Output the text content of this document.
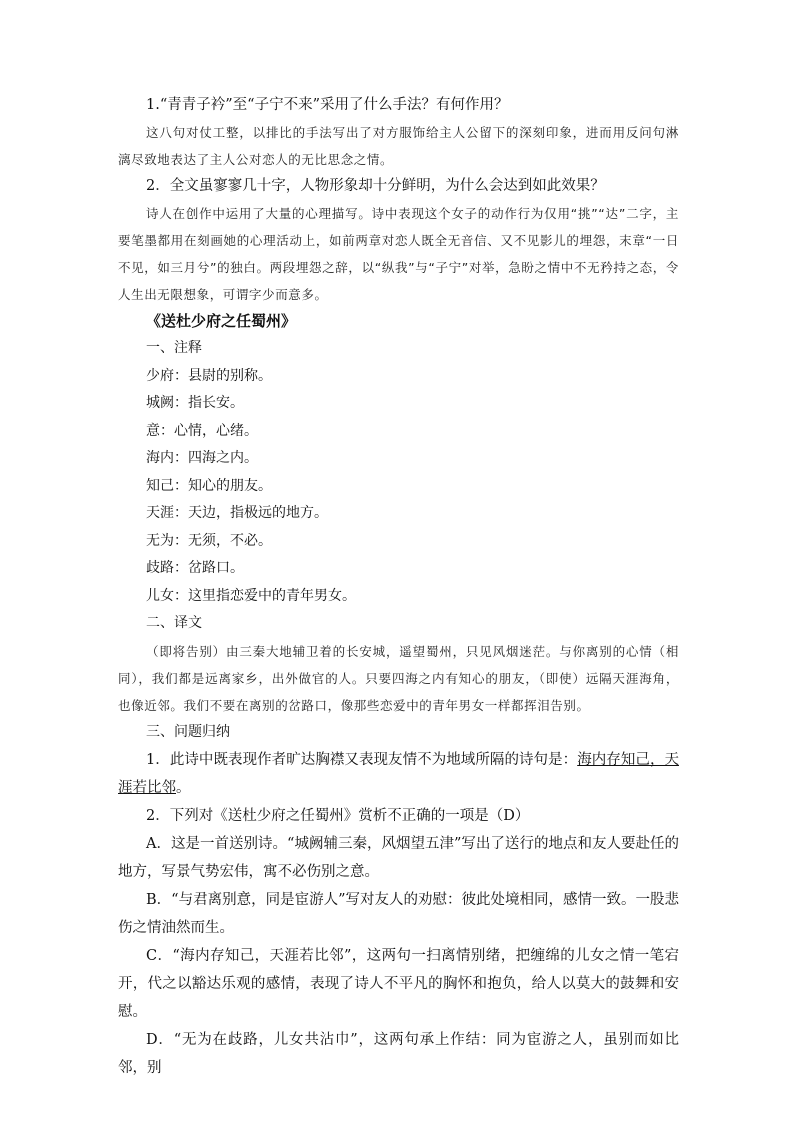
1.“青青子衿”至“子宁不来”采用了什么手法？有何作用？

这八句对仗工整，以排比的手法写出了对方服饰给主人公留下的深刻印象，进而用反问句淋漓尽致地表达了主人公对恋人的无比思念之情。

2．全文虽寥寥几十字，人物形象却十分鲜明，为什么会达到如此效果？

诗人在创作中运用了大量的心理描写。诗中表现这个女子的动作行为仅用“挑”“达”二字，主要笔墨都用在刻画她的心理活动上，如前两章对恋人既全无音信、又不见影儿的埋怨，末章“一日不见，如三月兮”的独白。两段埋怨之辞，以“纵我”与“子宁”对举，急盼之情中不无矜持之态，令人生出无限想象，可谓字少而意多。

《送杜少府之任蜀州》

一、注释

少府：县尉的别称。

城阙：指长安。

意：心情，心绪。

海内：四海之内。

知己：知心的朋友。

天涯：天边，指极远的地方。

无为：无须，不必。

歧路：岔路口。

儿女：这里指恋爱中的青年男女。

二、译文

（即将告别）由三秦大地辅卫着的长安城，遥望蜀州，只见风烟迷茫。与你离别的心情（相同），我们都是远离家乡，出外做官的人。只要四海之内有知心的朋友，（即使）远隔天涯海角，也像近邻。我们不要在离别的岔路口，像那些恋爱中的青年男女一样都挥泪告别。

三、问题归纳

1．此诗中既表现作者旷达胸襟又表现友情不为地域所隔的诗句是：海内存知己，天涯若比邻。

2．下列对《送杜少府之任蜀州》赏析不正确的一项是（D）

A．这是一首送别诗。“城阙辅三秦，风烟望五津”写出了送行的地点和友人要赴任的地方，写景气势宏伟，寓不必伤别之意。

B．“与君离别意，同是宦游人”写对友人的劝慰：彼此处境相同，感情一致。一股悲伤之情油然而生。

C．“海内存知己，天涯若比邻”，这两句一扫离情别绪，把缠绵的儿女之情一笔宕开，代之以豁达乐观的感情，表现了诗人不平凡的胸怀和抱负，给人以莫大的鼓舞和安慰。

D．“无为在歧路，儿女共沾巾”，这两句承上作结：同为宦游之人，虽别而如比邻，别
